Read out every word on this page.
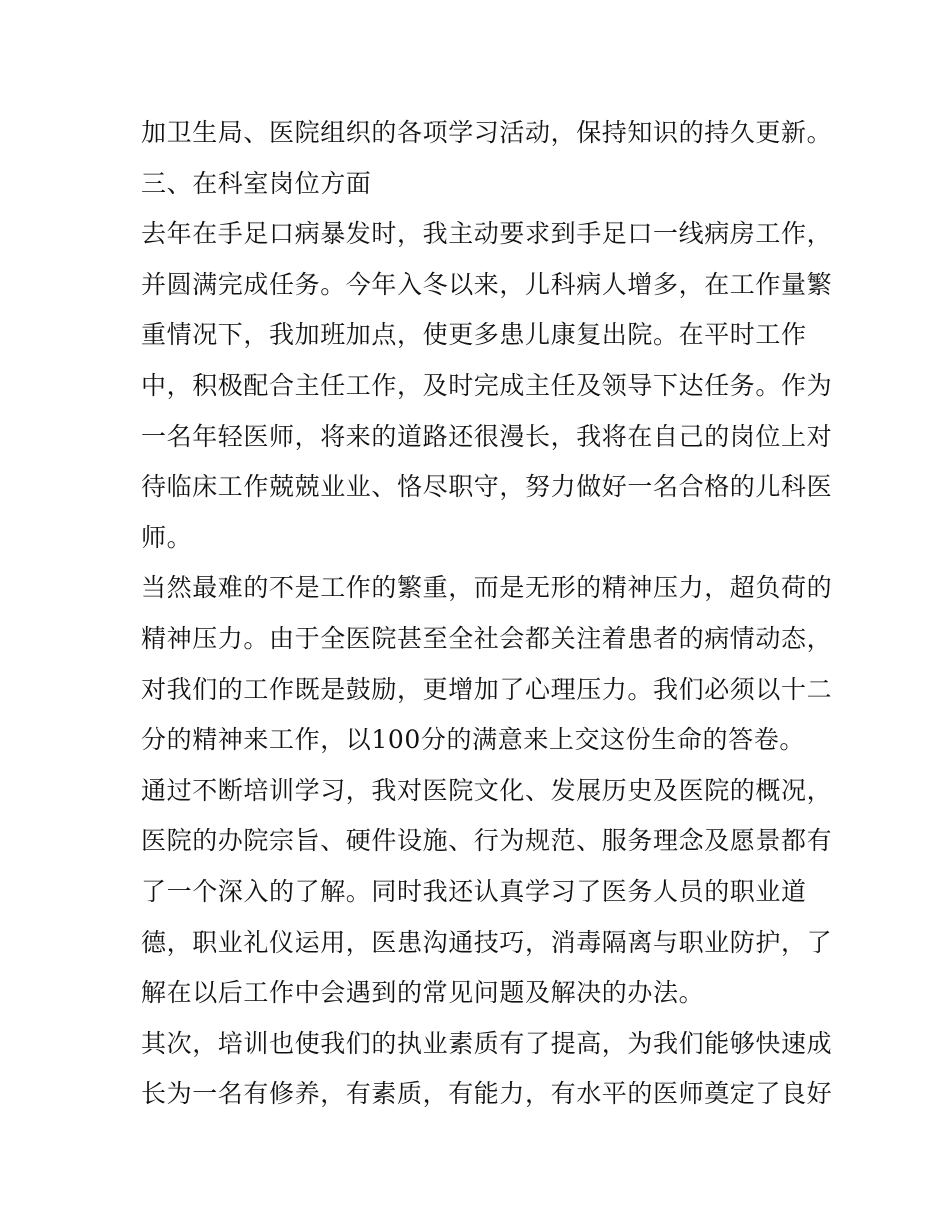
加卫生局、医院组织的各项学习活动，保持知识的持久更新。
三、在科室岗位方面
去年在手足口病暴发时，我主动要求到手足口一线病房工作，
并圆满完成任务。今年入冬以来，儿科病人增多，在工作量繁
重情况下，我加班加点，使更多患儿康复出院。在平时工作
中，积极配合主任工作，及时完成主任及领导下达任务。作为
一名年轻医师，将来的道路还很漫长，我将在自己的岗位上对
待临床工作兢兢业业、恪尽职守，努力做好一名合格的儿科医
师。
当然最难的不是工作的繁重，而是无形的精神压力，超负荷的
精神压力。由于全医院甚至全社会都关注着患者的病情动态，
对我们的工作既是鼓励，更增加了心理压力。我们必须以十二
分的精神来工作，以100分的满意来上交这份生命的答卷。
通过不断培训学习，我对医院文化、发展历史及医院的概况，
医院的办院宗旨、硬件设施、行为规范、服务理念及愿景都有
了一个深入的了解。同时我还认真学习了医务人员的职业道
德，职业礼仪运用，医患沟通技巧，消毒隔离与职业防护，了
解在以后工作中会遇到的常见问题及解决的办法。
其次，培训也使我们的执业素质有了提高，为我们能够快速成
长为一名有修养，有素质，有能力，有水平的医师奠定了良好
